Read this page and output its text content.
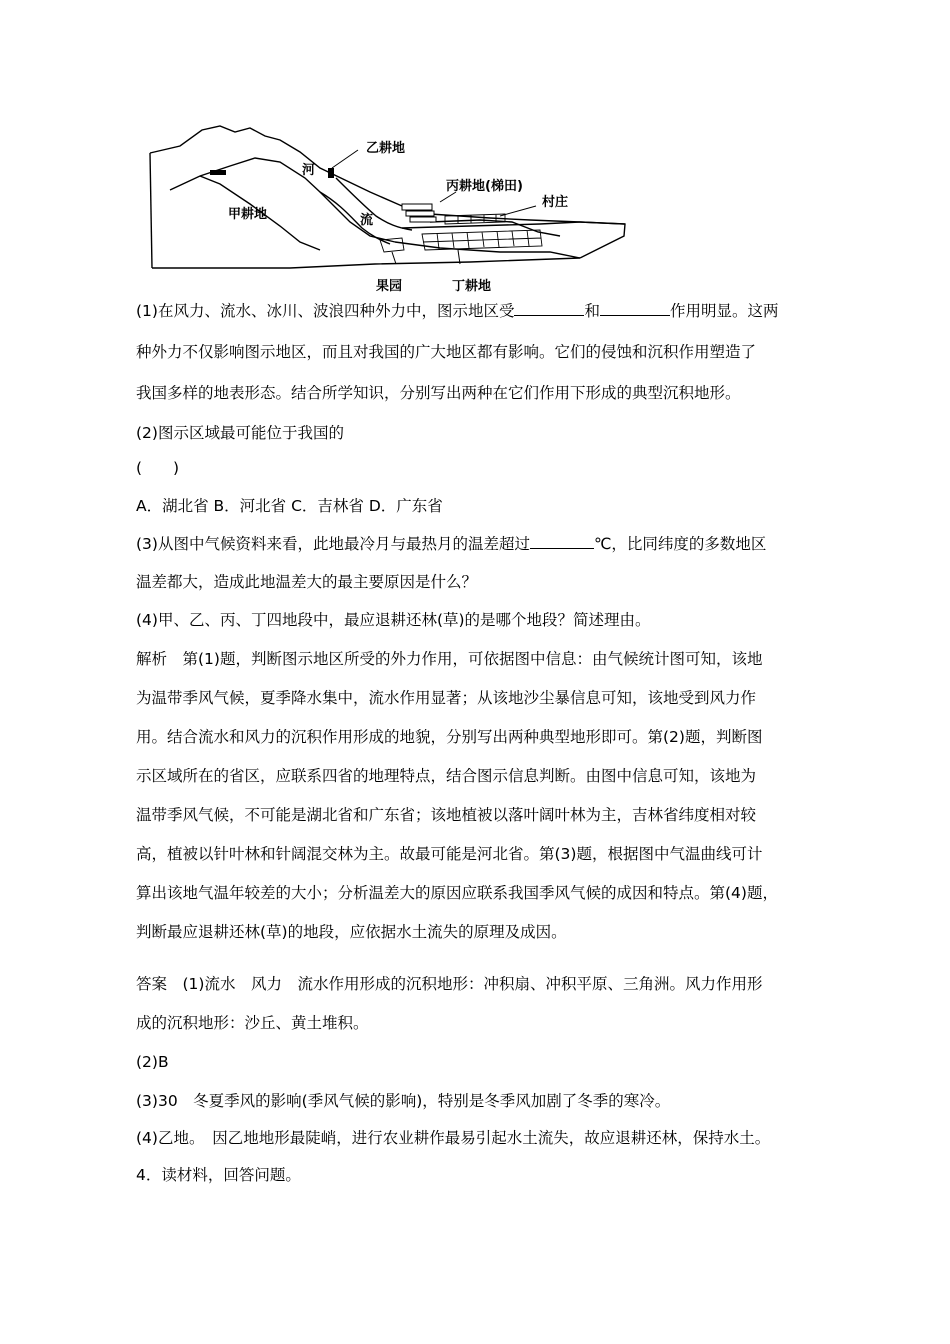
乙耕地
河
丙耕地(梯田)
甲耕地	流
村庄
果园	丁耕地
(1)在风力、流水、冰川、波浪四种外力中，图示地区受	和	作用明显。这两
种外力不仅影响图示地区，而且对我国的广大地区都有影响。它们的侵蚀和沉积作用塑造了
我国多样的地表形态。结合所学知识，分别写出两种在它们作用下形成的典型沉积地形。
(2)图示区域最可能位于我国的
(　　)
A．湖北省 B．河北省 C．吉林省 D．广东省
(3)从图中气候资料来看，此地最冷月与最热月的温差超过	℃，比同纬度的多数地区
温差都大，造成此地温差大的最主要原因是什么？
(4)甲、乙、丙、丁四地段中，最应退耕还林(草)的是哪个地段？简述理由。
解析　第(1)题，判断图示地区所受的外力作用，可依据图中信息：由气候统计图可知，该地
为温带季风气候，夏季降水集中，流水作用显著；从该地沙尘暴信息可知，该地受到风力作
用。结合流水和风力的沉积作用形成的地貌，分别写出两种典型地形即可。第(2)题，判断图
示区域所在的省区，应联系四省的地理特点，结合图示信息判断。由图中信息可知，该地为
温带季风气候，不可能是湖北省和广东省；该地植被以落叶阔叶林为主，吉林省纬度相对较
高，植被以针叶林和针阔混交林为主。故最可能是河北省。第(3)题，根据图中气温曲线可计
算出该地气温年较差的大小；分析温差大的原因应联系我国季风气候的成因和特点。第(4)题，
判断最应退耕还林(草)的地段，应依据水土流失的原理及成因。
答案　(1)流水　风力　流水作用形成的沉积地形：冲积扇、冲积平原、三角洲。风力作用形
成的沉积地形：沙丘、黄土堆积。
(2)B
(3)30　冬夏季风的影响(季风气候的影响)，特别是冬季风加剧了冬季的寒冷。
(4)乙地。　因乙地地形最陡峭，进行农业耕作最易引起水土流失，故应退耕还林，保持水土。
4．读材料，回答问题。
